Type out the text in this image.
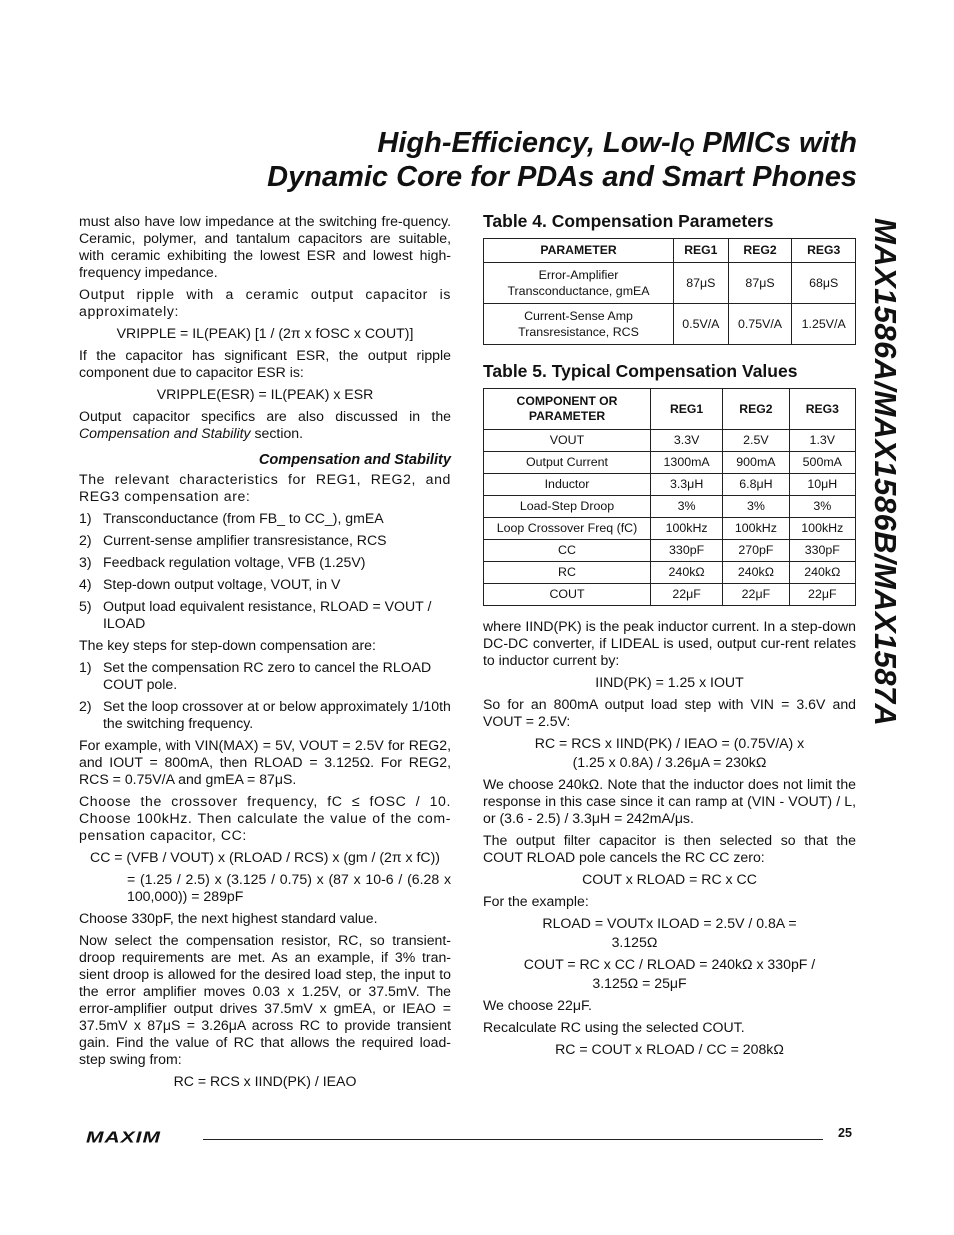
High-Efficiency, Low-IQ PMICs with
Dynamic Core for PDAs and Smart Phones
MAX1586A/MAX1586B/MAX1587A

must also have low impedance at the switching fre-quency. Ceramic, polymer, and tantalum capacitors are suitable, with ceramic exhibiting the lowest ESR and lowest high-frequency impedance.

Output ripple with a ceramic output capacitor is approximately:

VRIPPLE = IL(PEAK) [1 / (2π x fOSC x COUT)]

If the capacitor has significant ESR, the output ripple component due to capacitor ESR is:

VRIPPLE(ESR) = IL(PEAK) x ESR

Output capacitor specifics are also discussed in the Compensation and Stability section.

Compensation and Stability

The relevant characteristics for REG1, REG2, and REG3 compensation are:

1) Transconductance (from FB_ to CC_), gmEA
2) Current-sense amplifier transresistance, RCS
3) Feedback regulation voltage, VFB (1.25V)
4) Step-down output voltage, VOUT, in V
5) Output load equivalent resistance, RLOAD = VOUT / ILOAD

The key steps for step-down compensation are:

1) Set the compensation RC zero to cancel the RLOAD COUT pole.
2) Set the loop crossover at or below approximately 1/10th the switching frequency.

For example, with VIN(MAX) = 5V, VOUT = 2.5V for REG2, and IOUT = 800mA, then RLOAD = 3.125Ω. For REG2, RCS = 0.75V/A and gmEA = 87μS.

Choose the crossover frequency, fC ≤ fOSC / 10. Choose 100kHz. Then calculate the value of the com-pensation capacitor, CC:

CC = (VFB / VOUT) x (RLOAD / RCS) x (gm / (2π x fC))

= (1.25 / 2.5) x (3.125 / 0.75) x (87 x 10-6 / (6.28 x 100,000)) = 289pF

Choose 330pF, the next highest standard value.

Now select the compensation resistor, RC, so transient-droop requirements are met. As an example, if 3% tran-sient droop is allowed for the desired load step, the input to the error amplifier moves 0.03 x 1.25V, or 37.5mV. The error-amplifier output drives 37.5mV x gmEA, or IEAO = 37.5mV x 87μS = 3.26μA across RC to provide transient gain. Find the value of RC that allows the required load-step swing from:

RC = RCS x IIND(PK) / IEAO
Table 4. Compensation Parameters
PARAMETER	REG1	REG2	REG3
Error-Amplifier Transconductance, gmEA	87μS	87μS	68μS
Current-Sense Amp Transresistance, RCS	0.5V/A	0.75V/A	1.25V/A
Table 5. Typical Compensation Values
COMPONENT OR PARAMETER	REG1	REG2	REG3
VOUT	3.3V	2.5V	1.3V
Output Current	1300mA	900mA	500mA
Inductor	3.3μH	6.8μH	10μH
Load-Step Droop	3%	3%	3%
Loop Crossover Freq (fC)	100kHz	100kHz	100kHz
CC	330pF	270pF	330pF
RC	240kΩ	240kΩ	240kΩ
COUT	22μF	22μF	22μF

where IIND(PK) is the peak inductor current. In a step-down DC-DC converter, if LIDEAL is used, output cur-rent relates to inductor current by:

IIND(PK) = 1.25 x IOUT

So for an 800mA output load step with VIN = 3.6V and VOUT = 2.5V:

RC = RCS x IIND(PK) / IEAO = (0.75V/A) x
(1.25 x 0.8A) / 3.26μA = 230kΩ

We choose 240kΩ. Note that the inductor does not limit the response in this case since it can ramp at (VIN - VOUT) / L, or (3.6 - 2.5) / 3.3μH = 242mA/μs.

The output filter capacitor is then selected so that the COUT RLOAD pole cancels the RC CC zero:

COUT x RLOAD = RC x CC

For the example:

RLOAD = VOUTx ILOAD = 2.5V / 0.8A =
3.125Ω
COUT = RC x CC / RLOAD = 240kΩ x 330pF /
3.125Ω = 25μF

We choose 22μF.

Recalculate RC using the selected COUT.

RC = COUT x RLOAD / CC = 208kΩ
MAXIM	25
